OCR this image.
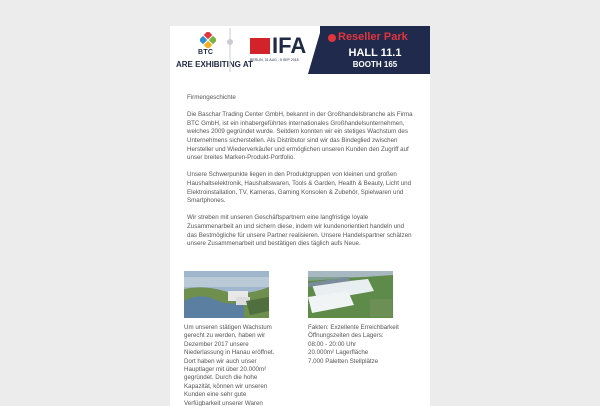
BTC
ARE EXHIBITING AT
IFA
BERLIN, 31 AUG - 5 SEP 2018
Reseller Park
HALL 11.1
BOOTH 165

Firmengeschichte

Die Baschar Trading Center GmbH, bekannt in der Großhandelsbranche als Firma BTC GmbH, ist ein inhabergeführtes internationales Großhandelsunternehmen, welches 2009 gegründet wurde. Seitdem konnten wir ein stetiges Wachstum des Unternehmens sicherstellen. Als Distributor sind wir das Bindeglied zwischen Hersteller und Wiederverkäufer und ermöglichen unseren Kunden den Zugriff auf unser breites Marken-Produkt-Portfolio.

Unsere Schwerpunkte liegen in den Produktgruppen von kleinen und großen Haushaltselektronik, Haushaltswaren, Tools & Garden, Health & Beauty, Licht und Elektroinstallation, TV, Kameras, Gaming Konsolen & Zubehör, Spielwaren und Smartphones.

Wir streben mit unseren Geschäftspartnern eine langfristige loyale Zusammenarbeit an und sichern diese, indem wir kundenorientiert handeln und das Bestmögliche für unsere Partner realisieren. Unsere Handelspartner schätzen unsere Zusammenarbeit und bestätigen dies täglich aufs Neue.

Um unseren stätigen Wachstum gerecht zu werden, haben wir Dezember 2017 unsere Niederlassung in Hanau eröffnet. Dort haben wir auch unser Hauptlager mit über 20.000m² gegründet. Durch die hohe Kapazität, können wir unseren Kunden eine sehr gute Verfügbarkeit unserer Waren
Fakten: Exzellente Erreichbarkeit
Öffnungszeiten des Lagers:
08:00 - 20:00 Uhr
20.000m² Lagerfläche
7.000 Paletten Stellplätze
